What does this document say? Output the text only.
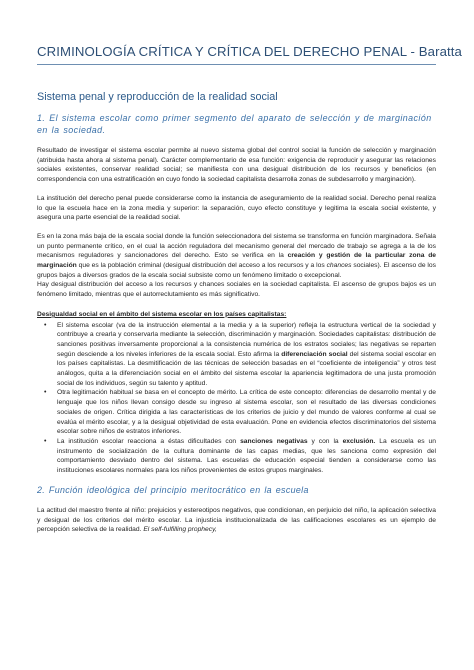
CRIMINOLOGÍA CRÍTICA Y CRÍTICA DEL DERECHO PENAL - Baratta
Sistema penal y reproducción de la realidad social
1. El sistema escolar como primer segmento del aparato de selección y de marginación en la sociedad.

Resultado de investigar el sistema escolar permite al nuevo sistema global del control social la función de selección y marginación (atribuida hasta ahora al sistema penal). Carácter complementario de esa función: exigencia de reproducir y asegurar las relaciones sociales existentes, conservar realidad social; se manifiesta con una desigual distribución de los recursos y beneficios (en correspondencia con una estratificación en cuyo fondo la sociedad capitalista desarrolla zonas de subdesarrollo y marginación).

La institución del derecho penal puede considerarse como la instancia de aseguramiento de la realidad social. Derecho penal realiza lo que la escuela hace en la zona media y superior: la separación, cuyo efecto constituye y legitima la escala social existente, y asegura una parte esencial de la realidad social.

Es en la zona más baja de la escala social donde la función seleccionadora del sistema se transforma en función marginadora. Señala un punto permanente crítico, en el cual la acción reguladora del mecanismo general del mercado de trabajo se agrega a la de los mecanismos reguladores y sancionadores del derecho. Esto se verifica en la creación y gestión de la particular zona de marginación que es la población criminal (desigual distribución del acceso a los recursos y a los chances sociales). El ascenso de los grupos bajos a diversos grados de la escala social subsiste como un fenómeno limitado o excepcional.

Hay desigual distribución del acceso a los recursos y chances sociales en la sociedad capitalista. El ascenso de grupos bajos es un fenómeno limitado, mientras que el autorreclutamiento es más significativo.

Desigualdad social en el ámbito del sistema escolar en los países capitalistas:

• El sistema escolar (va de la instrucción elemental a la media y a la superior) refleja la estructura vertical de la sociedad y contribuye a crearla y conservarla mediante la selección, discriminación y marginación. Sociedades capitalistas: distribución de sanciones positivas inversamente proporcional a la consistencia numérica de los estratos sociales; las negativas se reparten según desciende a los niveles inferiores de la escala social. Esto afirma la diferenciación social del sistema social escolar en los países capitalistas. La desmitificación de las técnicas de selección basadas en el “coeficiente de inteligencia” y otros test análogos, quita a la diferenciación social en el ámbito del sistema escolar la apariencia legitimadora de una justa promoción social de los individuos, según su talento y aptitud.
• Otra legitimación habitual se basa en el concepto de mérito. La crítica de este concepto: diferencias de desarrollo mental y de lenguaje que los niños llevan consigo desde su ingreso al sistema escolar, son el resultado de las diversas condiciones sociales de origen. Crítica dirigida a las características de los criterios de juicio y del mundo de valores conforme al cual se evalúa el mérito escolar, y a la desigual objetividad de esta evaluación. Pone en evidencia efectos discriminatorios del sistema escolar sobre niños de estratos inferiores.
• La institución escolar reacciona a éstas dificultades con sanciones negativas y con la exclusión. La escuela es un instrumento de socialización de la cultura dominante de las capas medias, que les sanciona como expresión del comportamiento desviado dentro del sistema. Las escuelas de educación especial tienden a considerarse como las instituciones escolares normales para los niños provenientes de estos grupos marginales.
2. Función ideológica del principio meritocrático en la escuela

La actitud del maestro frente al niño: prejuicios y estereotipos negativos, que condicionan, en perjuicio del niño, la aplicación selectiva y desigual de los criterios del mérito escolar. La injusticia institucionalizada de las calificaciones escolares es un ejemplo de percepción selectiva de la realidad. El self-fulfilling prophecy,
